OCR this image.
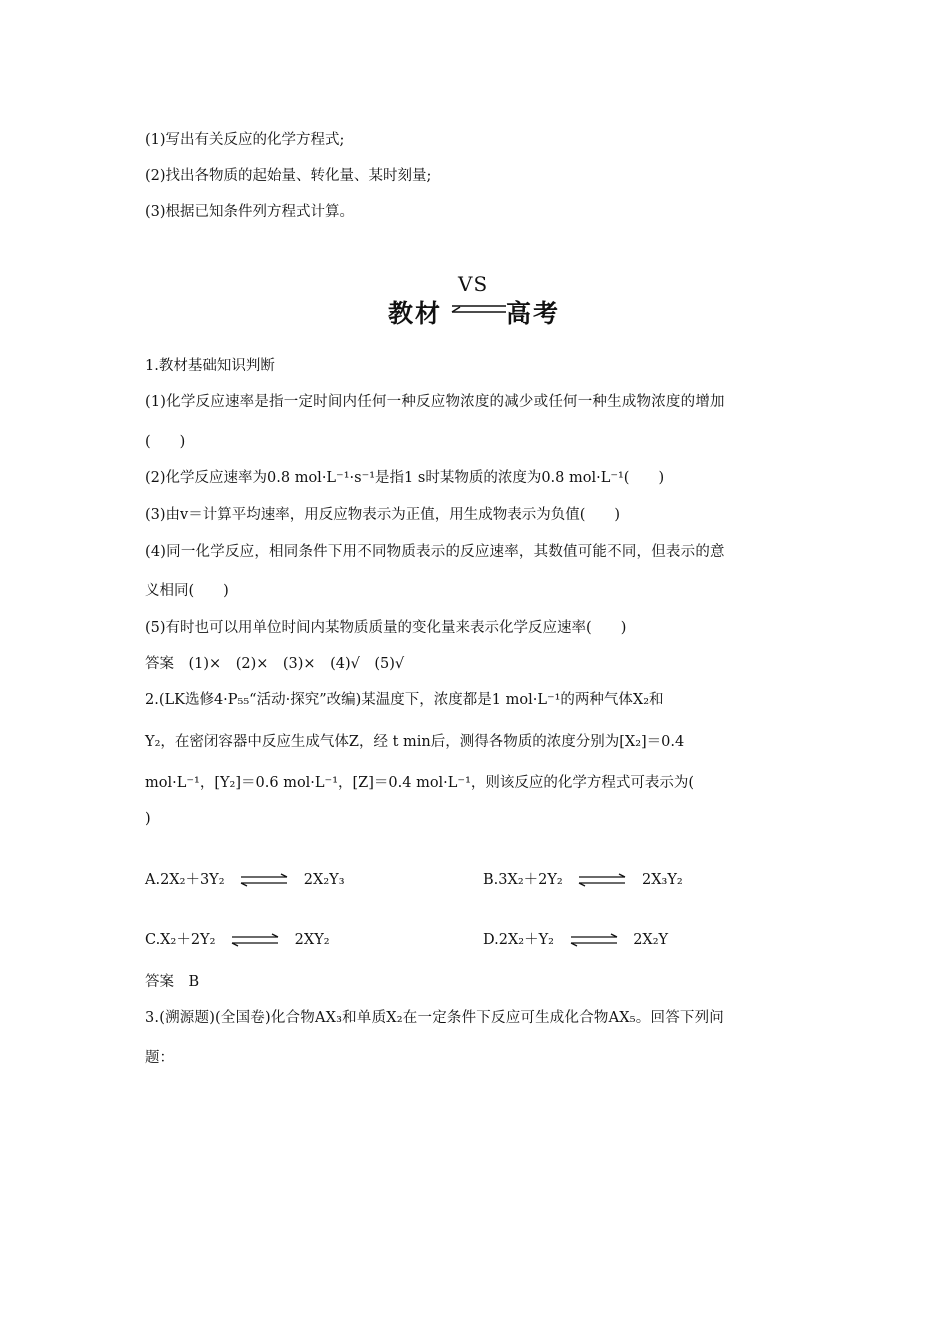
(1)写出有关反应的化学方程式;
(2)找出各物质的起始量、转化量、某时刻量;
(3)根据已知条件列方程式计算。
教材
VS
高考
1.教材基础知识判断
(1)化学反应速率是指一定时间内任何一种反应物浓度的减少或任何一种生成物浓度的增加
(　　)
(2)化学反应速率为0.8 mol·L⁻¹·s⁻¹是指1 s时某物质的浓度为0.8 mol·L⁻¹(　　)
(3)由v＝计算平均速率，用反应物表示为正值，用生成物表示为负值(　　)
(4)同一化学反应，相同条件下用不同物质表示的反应速率，其数值可能不同，但表示的意
义相同(　　)
(5)有时也可以用单位时间内某物质质量的变化量来表示化学反应速率(　　)
答案　(1)×　(2)×　(3)×　(4)√　(5)√
2.(LK选修4·P₅₅“活动·探究”改编)某温度下，浓度都是1 mol·L⁻¹的两种气体X₂和
Y₂，在密闭容器中反应生成气体Z，经 t min后，测得各物质的浓度分别为[X₂]＝0.4
mol·L⁻¹，[Y₂]＝0.6 mol·L⁻¹，[Z]＝0.4 mol·L⁻¹，则该反应的化学方程式可表示为(
)
A.2X₂＋3Y₂ ⇌ 2X₂Y₃	B.3X₂＋2Y₂ ⇌ 2X₃Y₂
C.X₂＋2Y₂ ⇌ 2XY₂	D.2X₂＋Y₂ ⇌ 2X₂Y
答案　B
3.(溯源题)(全国卷)化合物AX₃和单质X₂在一定条件下反应可生成化合物AX₅。回答下列问
题：
